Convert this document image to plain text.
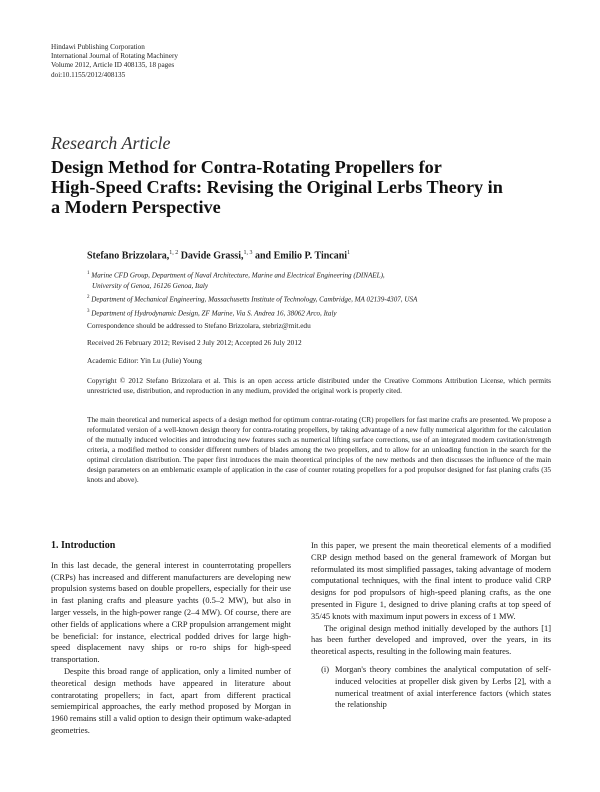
Hindawi Publishing Corporation
International Journal of Rotating Machinery
Volume 2012, Article ID 408135, 18 pages
doi:10.1155/2012/408135
Research Article
Design Method for Contra-Rotating Propellers for
High-Speed Crafts: Revising the Original Lerbs Theory in
a Modern Perspective
Stefano Brizzolara,$^{1, 2}$ Davide Grassi,$^{1, 3}$ and Emilio P. Tincani$^1$
$^1$ Marine CFD Group, Department of Naval Architecture, Marine and Electrical Engineering (DINAEL),
University of Genoa, 16126 Genoa, Italy
$^2$ Department of Mechanical Engineering, Massachusetts Institute of Technology, Cambridge, MA 02139-4307, USA
$^3$ Department of Hydrodynamic Design, ZF Marine, Via S. Andrea 16, 38062 Arco, Italy
Correspondence should be addressed to Stefano Brizzolara, stebriz@mit.edu
Received 26 February 2012; Revised 2 July 2012; Accepted 26 July 2012
Academic Editor: Yin Lu (Julie) Young
Copyright © 2012 Stefano Brizzolara et al. This is an open access article distributed under the Creative Commons Attribution License, which permits unrestricted use, distribution, and reproduction in any medium, provided the original work is properly cited.
The main theoretical and numerical aspects of a design method for optimum contrar-rotating (CR) propellers for fast marine crafts are presented. We propose a reformulated version of a well-known design theory for contra-rotating propellers, by taking advantage of a new fully numerical algorithm for the calculation of the mutually induced velocities and introducing new features such as numerical lifting surface corrections, use of an integrated modern cavitation/strength criteria, a modified method to consider different numbers of blades among the two propellers, and to allow for an unloading function in the search for the optimal circulation distribution. The paper first introduces the main theoretical principles of the new methods and then discusses the influence of the main design parameters on an emblematic example of application in the case of counter rotating propellers for a pod propulsor designed for fast planing crafts (35 knots and above).
1. Introduction

In this last decade, the general interest in counterrotating propellers (CRPs) has increased and different manufacturers are developing new propulsion systems based on double propellers, especially for their use in fast planing crafts and pleasure yachts (0.5–2 MW), but also in larger vessels, in the high-power range (2–4 MW). Of course, there are other fields of applications where a CRP propulsion arrangement might be beneficial: for instance, electrical podded drives for large high-speed displacement navy ships or ro-ro ships for high-speed transportation.

Despite this broad range of application, only a limited number of theoretical design methods have appeared in literature about contrarotating propellers; in fact, apart from different practical semiempirical approaches, the early method proposed by Morgan in 1960 remains still a valid option to design their optimum wake-adapted geometries.

In this paper, we present the main theoretical elements of a modified CRP design method based on the general framework of Morgan but reformulated its most simplified passages, taking advantage of modern computational techniques, with the final intent to produce valid CRP designs for pod propulsors of high-speed planing crafts, as the one presented in Figure 1, designed to drive planing crafts at top speed of 35/45 knots with maximum input powers in excess of 1 MW.

The original design method initially developed by the authors [1] has been further developed and improved, over the years, in its theoretical aspects, resulting in the following main features.

(i) Morgan's theory combines the analytical computation of self-induced velocities at propeller disk given by Lerbs [2], with a numerical treatment of axial interference factors (which states the relationship
